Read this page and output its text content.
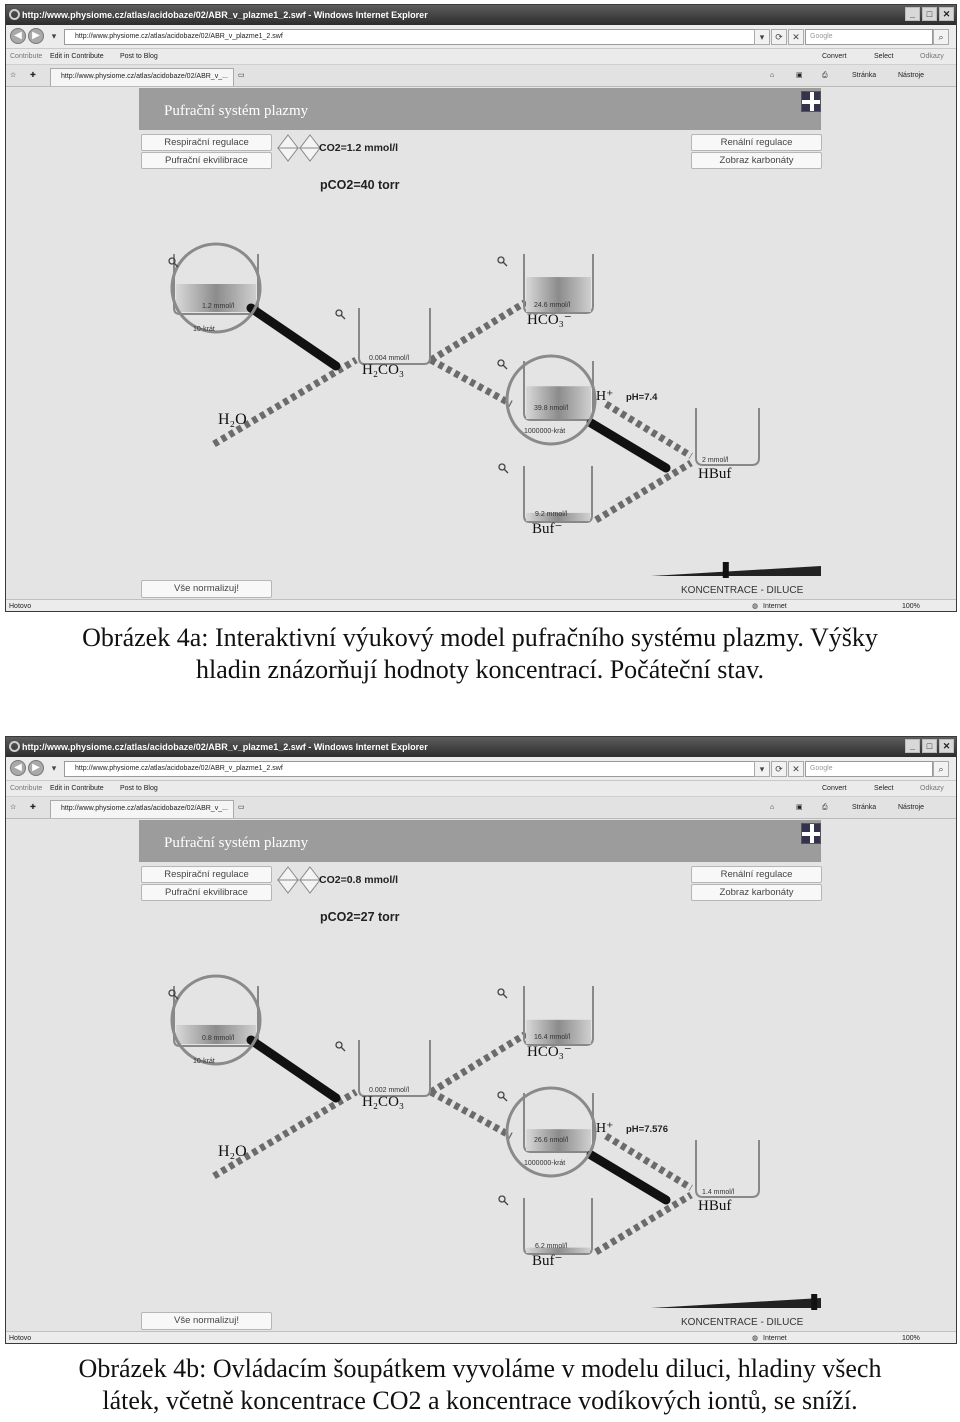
http://www.physiome.cz/atlas/acidobaze/02/ABR_v_plazme1_2.swf - Windows Internet Explorer	_	□	✕
◀	▶	▾	http://www.physiome.cz/atlas/acidobaze/02/ABR_v_plazme1_2.swf	▾	⟳	✕	Google	⌕
Contribute Edit in Contribute Post to Blog	Convert	Select	Odkazy
☆ ✚	http://www.physiome.cz/atlas/acidobaze/02/ABR_v_...	▭	⌂	▣	⎙	Stránka	Nástroje
Pufrační systém plazmy
Respirační regulace
Pufrační ekvilibrace
Renální regulace
Zobraz karbonáty
CO2=1.2 mmol/l
pCO2=40 torr
1.2 mmol/l
10-krát
24.6 mmol/l
0.004 mmol/l
39.8 nmol/l
1000000-krát
2 mmol/l
9.2 mmol/l
HCO₃⁻
H₂CO₃
H₂O
H⁺ pH=7.4
HBuf
Buf⁻
Vše normalizuj!	KONCENTRACE - DILUCE
Hotovo	◍ Internet	100%
Obrázek 4a: Interaktivní výukový model pufračního systému plazmy. Výšky
hladin znázorňují hodnoty koncentrací. Počáteční stav.
http://www.physiome.cz/atlas/acidobaze/02/ABR_v_plazme1_2.swf - Windows Internet Explorer	_	□	✕
◀	▶	▾	http://www.physiome.cz/atlas/acidobaze/02/ABR_v_plazme1_2.swf	▾	⟳	✕	Google	⌕
Contribute Edit in Contribute Post to Blog	Convert	Select	Odkazy
☆ ✚	http://www.physiome.cz/atlas/acidobaze/02/ABR_v_...	▭	⌂	▣	⎙	Stránka	Nástroje
Pufrační systém plazmy
Respirační regulace
Pufrační ekvilibrace
Renální regulace
Zobraz karbonáty
CO2=0.8 mmol/l
pCO2=27 torr
0.8 mmol/l
10-krát
16.4 mmol/l
0.002 mmol/l
26.6 nmol/l
1000000-krát
1.4 mmol/l
6.2 mmol/l
HCO₃⁻
H₂CO₃
H₂O
H⁺ pH=7.576
HBuf
Buf⁻
Vše normalizuj!	KONCENTRACE - DILUCE
Hotovo	◍ Internet	100%
Obrázek 4b: Ovládacím šoupátkem vyvoláme v modelu diluci, hladiny všech
látek, včetně koncentrace CO2 a koncentrace vodíkových iontů, se sníží.
